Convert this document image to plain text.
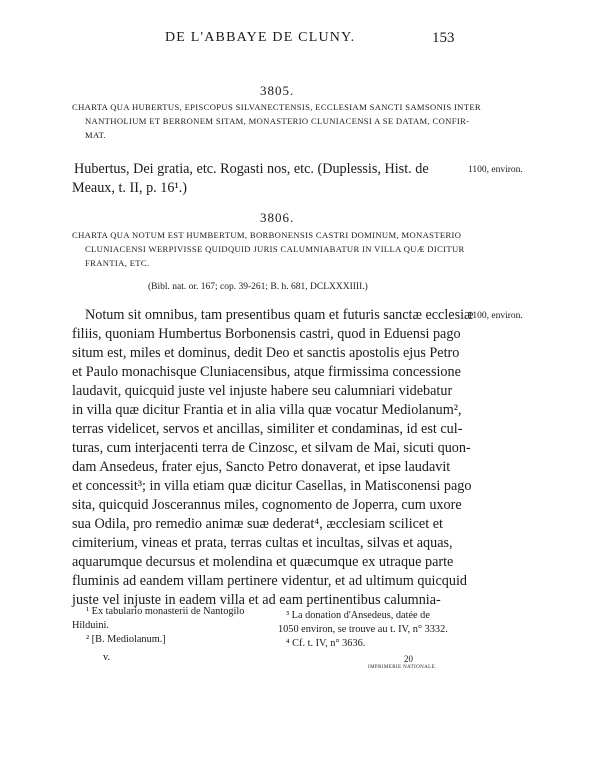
DE L'ABBAYE DE CLUNY.	153
3805.
CHARTA QUA HUBERTUS, EPISCOPUS SILVANECTENSIS, ECCLESIAM SANCTI SAMSONIS INTER
NANTHOLIUM ET BERRONEM SITAM, MONASTERIO CLUNIACENSI A SE DATAM, CONFIR-
MAT.
Hubertus, Dei gratia, etc. Rogasti nos, etc. (Duplessis, Hist. de
Meaux, t. II, p. 16¹.)
1100, environ.
3806.
CHARTA QUA NOTUM EST HUMBERTUM, BORBONENSIS CASTRI DOMINUM, MONASTERIO
CLUNIACENSI WERPIVISSE QUIDQUID JURIS CALUMNIABATUR IN VILLA QUÆ DICITUR
FRANTIA, ETC.
(Bibl. nat. or. 167; cop. 39-261; B. h. 681, DCLXXXIIII.)
1100, environ.
Notum sit omnibus, tam presentibus quam et futuris sanctæ ecclesiæ
filiis, quoniam Humbertus Borbonensis castri, quod in Eduensi pago
situm est, miles et dominus, dedit Deo et sanctis apostolis ejus Petro
et Paulo monachisque Cluniacensibus, atque firmissima concessione
laudavit, quicquid juste vel injuste habere seu calumniari videbatur
in villa quæ dicitur Frantia et in alia villa quæ vocatur Mediolanum²,
terras videlicet, servos et ancillas, similiter et condaminas, id est cul-
turas, cum interjacenti terra de Cinzosc, et silvam de Mai, sicuti quon-
dam Ansedeus, frater ejus, Sancto Petro donaverat, et ipse laudavit
et concessit³; in villa etiam quæ dicitur Casellas, in Matisconensi pago
sita, quicquid Joscerannus miles, cognomento de Joperra, cum uxore
sua Odila, pro remedio animæ suæ dederat⁴, æcclesiam scilicet et
cimiterium, vineas et prata, terras cultas et incultas, silvas et aquas,
aquarumque decursus et molendina et quæcumque ex utraque parte
fluminis ad eandem villam pertinere videntur, et ad ultimum quicquid
juste vel injuste in eadem villa et ad eam pertinentibus calumnia-
¹ Ex tabulario monasterii de Nantogilo
Hilduini.
² [B. Mediolanum.]
³ La donation d'Ansedeus, datée de
1050 environ, se trouve au t. IV, n° 3332.
⁴ Cf. t. IV, n° 3636.
v.	20
IMPRIMERIE NATIONALE.
